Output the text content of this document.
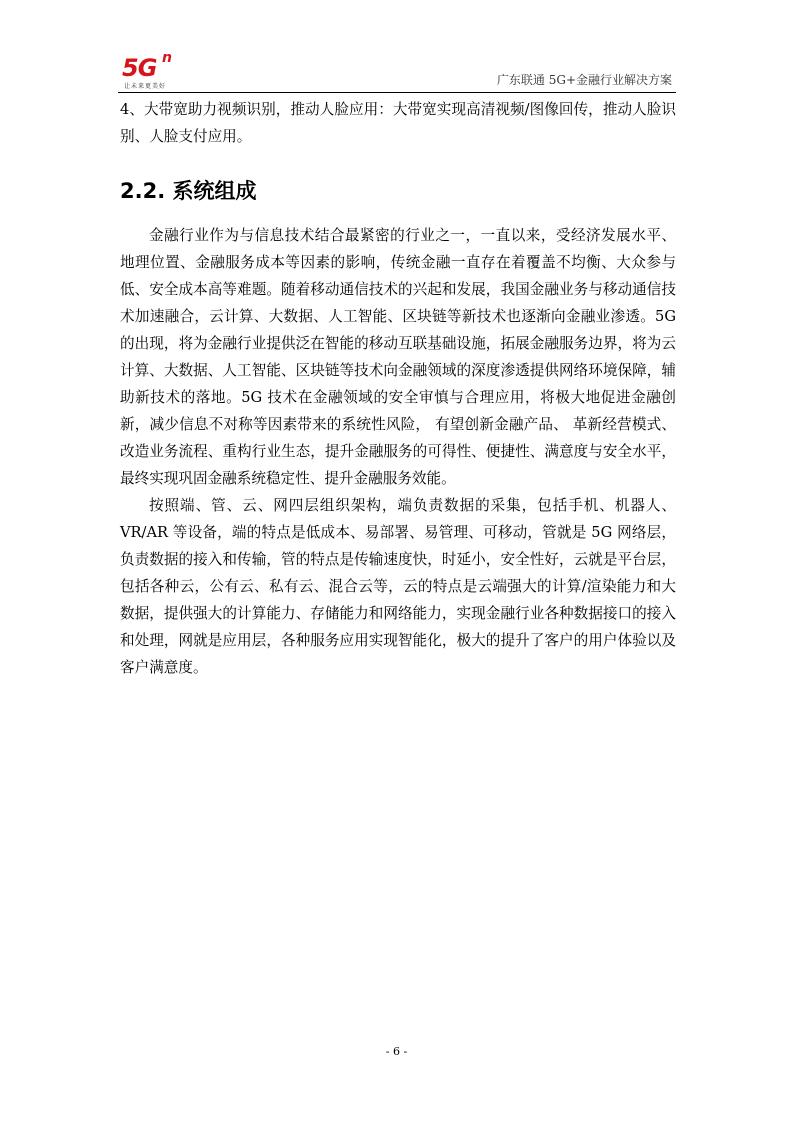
5G n
让未来更美好	广东联通 5G+金融行业解决方案

4、大带宽助力视频识别，推动人脸应用：大带宽实现高清视频/图像回传，推动人脸识别、人脸支付应用。

2.2. 系统组成

金融行业作为与信息技术结合最紧密的行业之一，一直以来，受经济发展水平、 地理位置、金融服务成本等因素的影响，传统金融一直存在着覆盖不均衡、大众参与低、安全成本高等难题。随着移动通信技术的兴起和发展，我国金融业务与移动通信技术加速融合，云计算、大数据、人工智能、区块链等新技术也逐渐向金融业渗透。5G 的出现，将为金融行业提供泛在智能的移动互联基础设施，拓展金融服务边界，将为云计算、大数据、人工智能、区块链等技术向金融领域的深度渗透提供网络环境保障，辅助新技术的落地。5G 技术在金融领域的安全审慎与合理应用，将极大地促进金融创新，减少信息不对称等因素带来的系统性风险， 有望创新金融产品、 革新经营模式、改造业务流程、重构行业生态，提升金融服务的可得性、便捷性、满意度与安全水平， 最终实现巩固金融系统稳定性、提升金融服务效能。

按照端、管、云、网四层组织架构，端负责数据的采集，包括手机、机器人、VR/AR 等设备，端的特点是低成本、易部署、易管理、可移动，管就是 5G 网络层，负责数据的接入和传输，管的特点是传输速度快，时延小，安全性好，云就是平台层，包括各种云，公有云、私有云、混合云等，云的特点是云端强大的计算/渲染能力和大数据，提供强大的计算能力、存储能力和网络能力，实现金融行业各种数据接口的接入和处理，网就是应用层，各种服务应用实现智能化，极大的提升了客户的用户体验以及客户满意度。

- 6 -
